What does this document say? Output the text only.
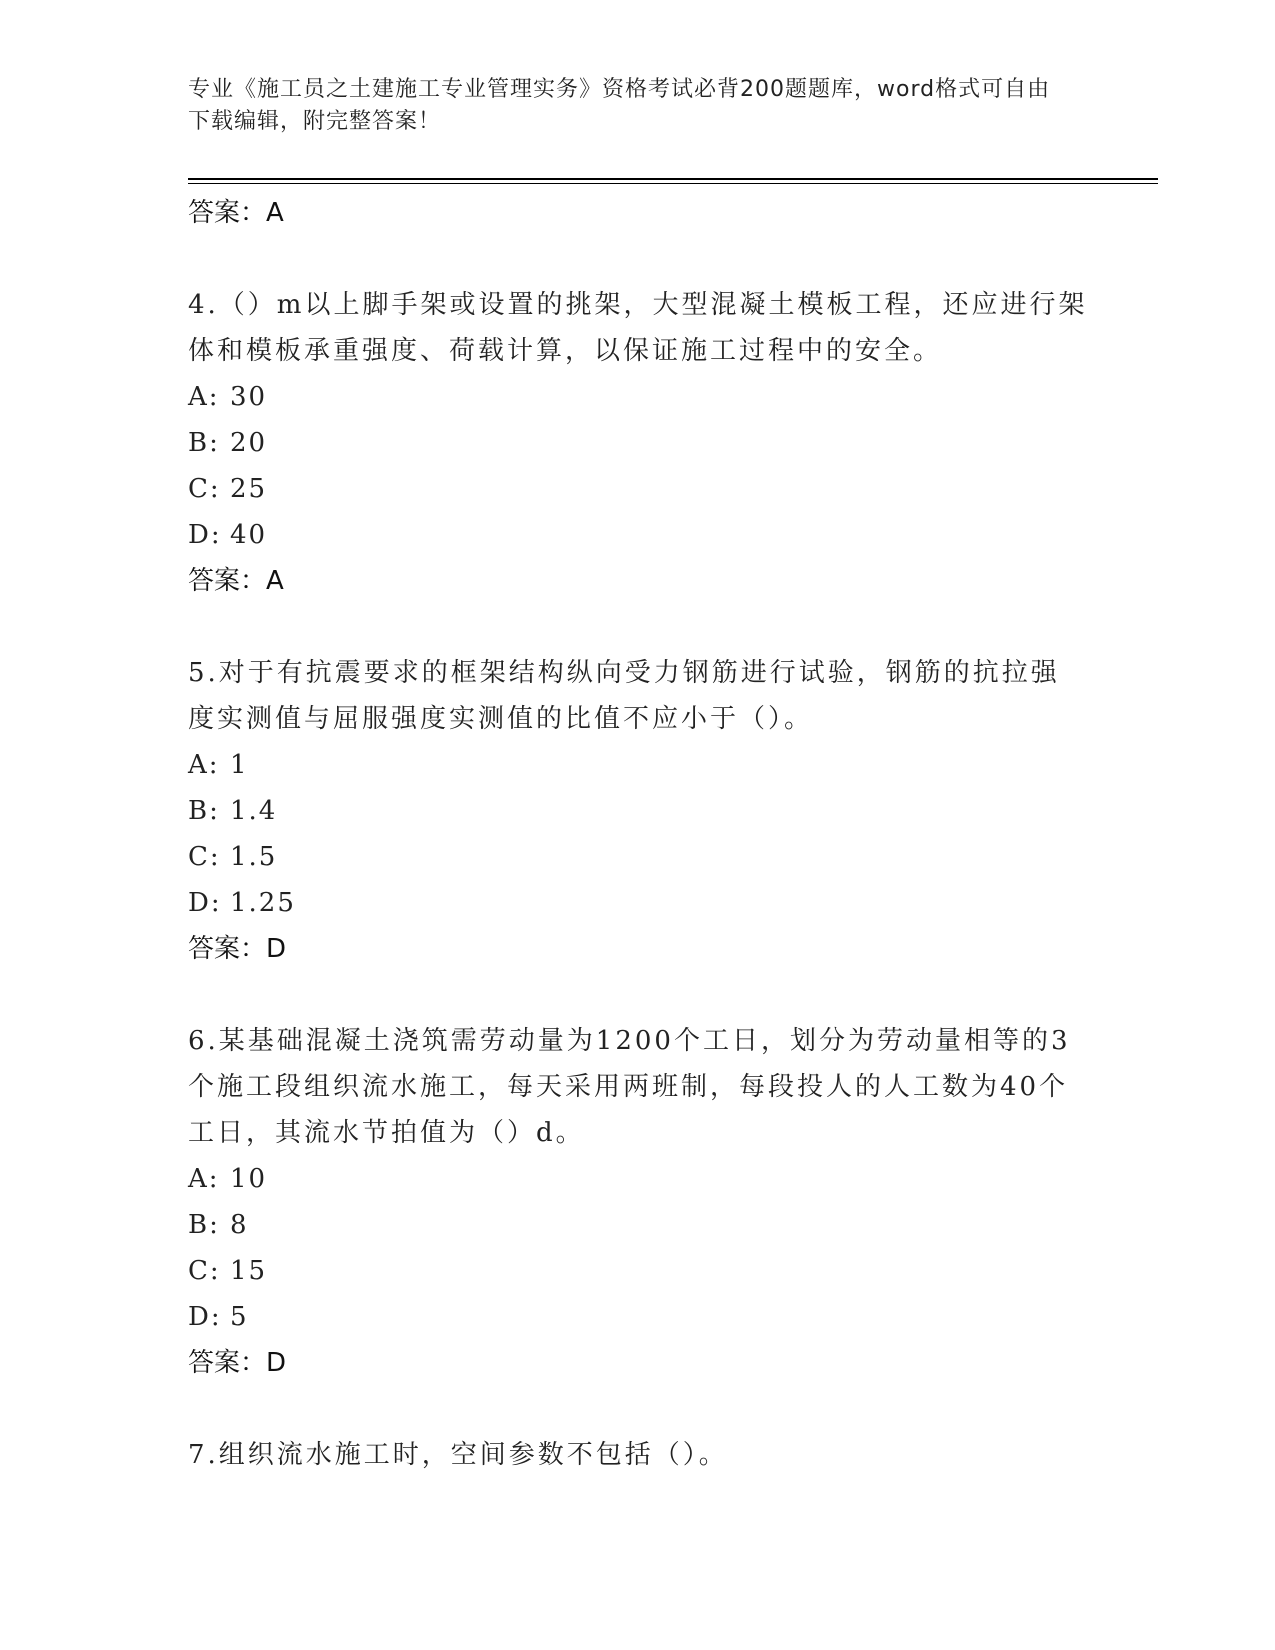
专业《施工员之土建施工专业管理实务》资格考试必背200题题库，word格式可自由下载编辑，附完整答案！
答案：A
4.（）m以上脚手架或设置的挑架，大型混凝土模板工程，还应进行架体和模板承重强度、荷载计算，以保证施工过程中的安全。
A: 30
B: 20
C: 25
D: 40
答案：A
5.对于有抗震要求的框架结构纵向受力钢筋进行试验，钢筋的抗拉强度实测值与屈服强度实测值的比值不应小于（）。
A: 1
B: 1.4
C: 1.5
D: 1.25
答案：D
6.某基础混凝土浇筑需劳动量为1200个工日，划分为劳动量相等的3个施工段组织流水施工，每天采用两班制，每段投人的人工数为40个工日，其流水节拍值为（）d。
A: 10
B: 8
C: 15
D: 5
答案：D
7.组织流水施工时，空间参数不包括（）。
